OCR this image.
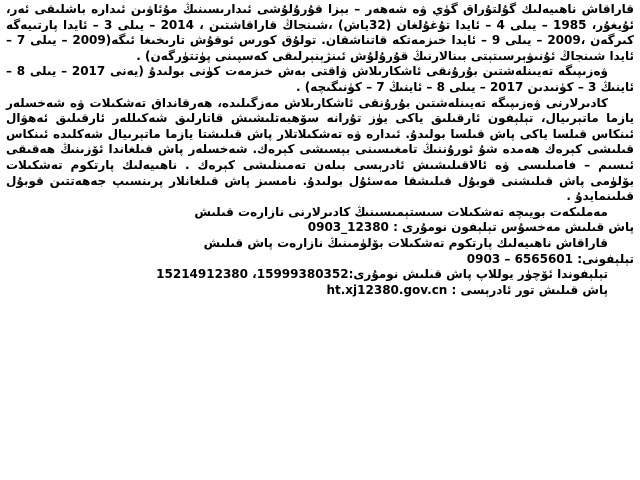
قاراقاش ناھىيەلىك گۇلتۇراق گۈي ۋە شەھەر – بېزا قۇرۇلۇشى ئىدارىسىنىڭ مۇئاۋىن ئىدارە باشلىقى ئەر، ئۇيغۇر، 1985 – يىلى 4 – ئايدا تۇغۇلغان (32ياش) ،شىنجاڭ قاراقاشتىن ، 2014 – يىلى 3 – ئايدا پارتىيەگە كىرگەن ،2009 – يىلى 9 – ئايدا خىزمەتكە قاتناشقان. تولۇق كورس ئوقۇش تارىخىغا ئىگە(2009 – يىلى 7 – ئايدا شىنجاڭ ئۇنىۋېرسىتېتى بىنالارنىڭ قۇرۇلۇش ئىنژېنېرلىقى كەسپىنى پۈتتۈرگەن) .

ۋەزىپىگە تەيىنلەشتىن بۇرۇنقى ئاشكارىلاش ۋاقتى بەش خىزمەت كۈنى بولىدۇ (يەنى 2017 – يىلى 8 – ئاينىڭ 3 – كۈنىدىن 2017 – يىلى 8 – ئاينىڭ 7 – كۈنىگىچە) .

كادىرلارنى ۋەزىپىگە تەيىنلەشتىن بۇرۇنقى ئاشكارىلاش مەزگىلىدە، ھەرقانداق تەشكىلات ۋە شەخسلەر يازما ماتېرىيال، تېلېفون ئارقىلىق ياكى يۈز تۇرانە سۆھبەتلىشىش قاتارلىق شەكىللەر ئارقىلىق ئەھۋال ئىنكاس قىلسا ياكى پاش قىلسا بولىدۇ. ئىدارە ۋە تەشكىلاتلار پاش قىلىشتا يازما ماتېرىيال شەكلىدە ئىنكاس قىلىشى كېرەك ھەمدە شۇ ئورۇننىڭ تامغىسىنى بېسىشى كېرەك. شەخسلەر پاش قىلغاندا ئۆزىنىڭ ھەقىقى ئىسىم – فامىلىسى ۋە ئالاقىلىشىش ئادرېسى بىلەن تەمىنلىشى كېرەك . ناھىيەلىك پارتكوم تەشكىلات بۆلۈمى پاش قىلىشنى قوبۇل قىلىشقا مەسئۇل بولىدۇ. نامسىز پاش قىلغانلار پرىنسىپ جەھەتتىن قوبۇل قىلىنمايدۇ .

مەملىكەت بويىچە تەشكىلات سىستېمىسىنىڭ كادىرلارنى نازارەت قىلىش

پاش قىلىش مەخسۇس تېلېفون نومۇرى : 12380_0903

قاراقاش ناھىيەلىك پارتكوم تەشكىلات بۆلۈمىنىڭ نازارەت پاش قىلىش

تېلېفونى: 6565601 – 0903

تېلېفوندا ئۆچۈر يوللاپ پاش قىلىش نومۇرى:15999380352، 15214912380

پاش قىلىش تور ئادرېسى : ht.xj12380.gov.cn
